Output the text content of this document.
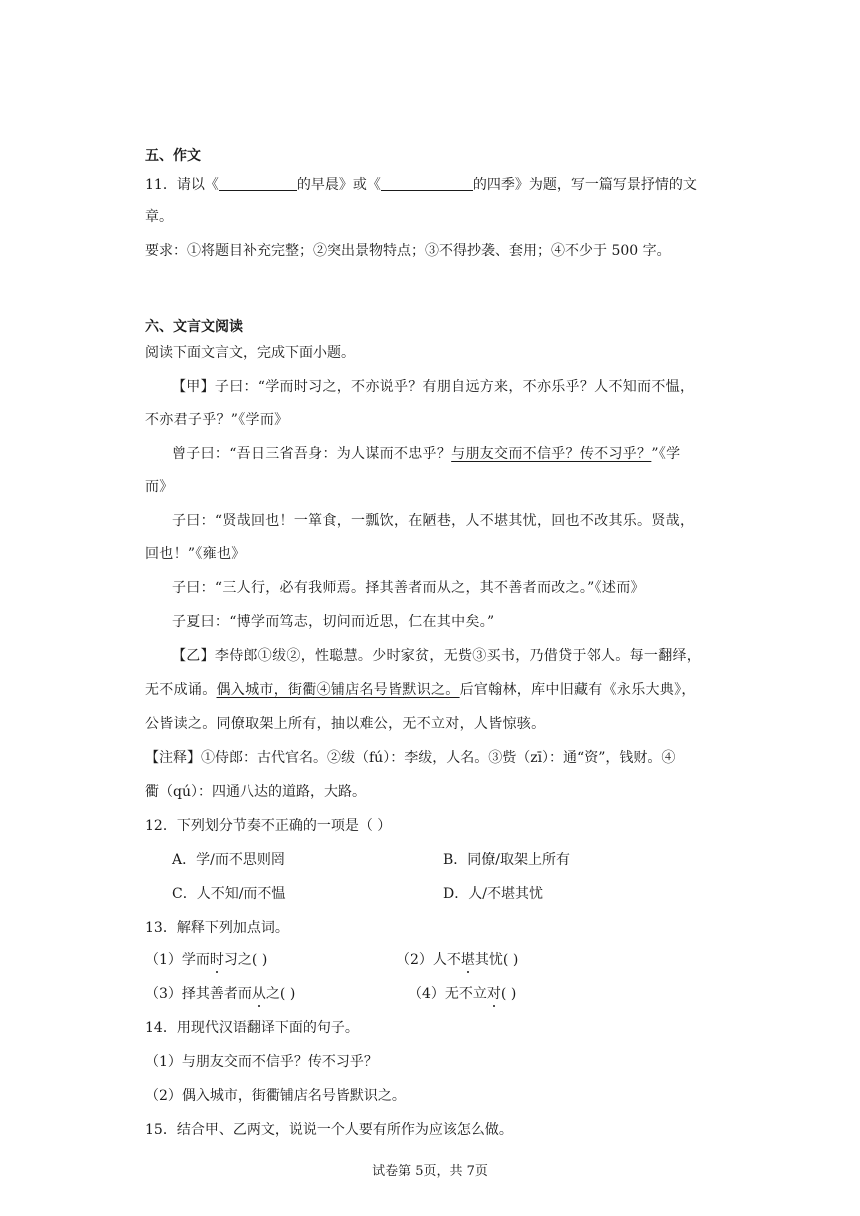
五、作文
11．请以《	的早晨》或《	的四季》为题，写一篇写景抒情的文
章。
要求：①将题目补充完整；②突出景物特点；③不得抄袭、套用；④不少于 500 字。
六、文言文阅读
阅读下面文言文，完成下面小题。
【甲】子曰：“学而时习之，不亦说乎？有朋自远方来，不亦乐乎？人不知而不愠，
不亦君子乎？”《学而》
曾子曰：“吾日三省吾身：为人谋而不忠乎？与朋友交而不信乎？传不习乎？”《学
而》
子曰：“贤哉回也！一箪食，一瓢饮，在陋巷，人不堪其忧，回也不改其乐。贤哉，
回也！”《雍也》
子曰：“三人行，必有我师焉。择其善者而从之，其不善者而改之。”《述而》
子夏曰：“博学而笃志，切问而近思，仁在其中矣。”
【乙】李侍郎①绂②，性聪慧。少时家贫，无赀③买书，乃借贷于邻人。每一翻绎，
无不成诵。偶入城市，街衢④铺店名号皆默识之。后官翰林，库中旧藏有《永乐大典》，
公皆读之。同僚取架上所有，抽以难公，无不立对，人皆惊骇。
【注释】①侍郎：古代官名。②绂（fú）：李绂，人名。③赀（zī）：通“资”，钱财。④
衢（qú）：四通八达的道路，大路。
12．下列划分节奏不正确的一项是（ ）
A．学/而不思则罔	B．同僚/取架上所有
C．人不知/而不愠	D．人/不堪其忧
13．解释下列加点词。
（1）学而时习之( )	（2）人不堪其忧( )
（3）择其善者而从之( )	（4）无不立对( )
14．用现代汉语翻译下面的句子。
（1）与朋友交而不信乎？传不习乎？
（2）偶入城市，街衢铺店名号皆默识之。
15．结合甲、乙两文，说说一个人要有所作为应该怎么做。
试卷第 5页，共 7页
